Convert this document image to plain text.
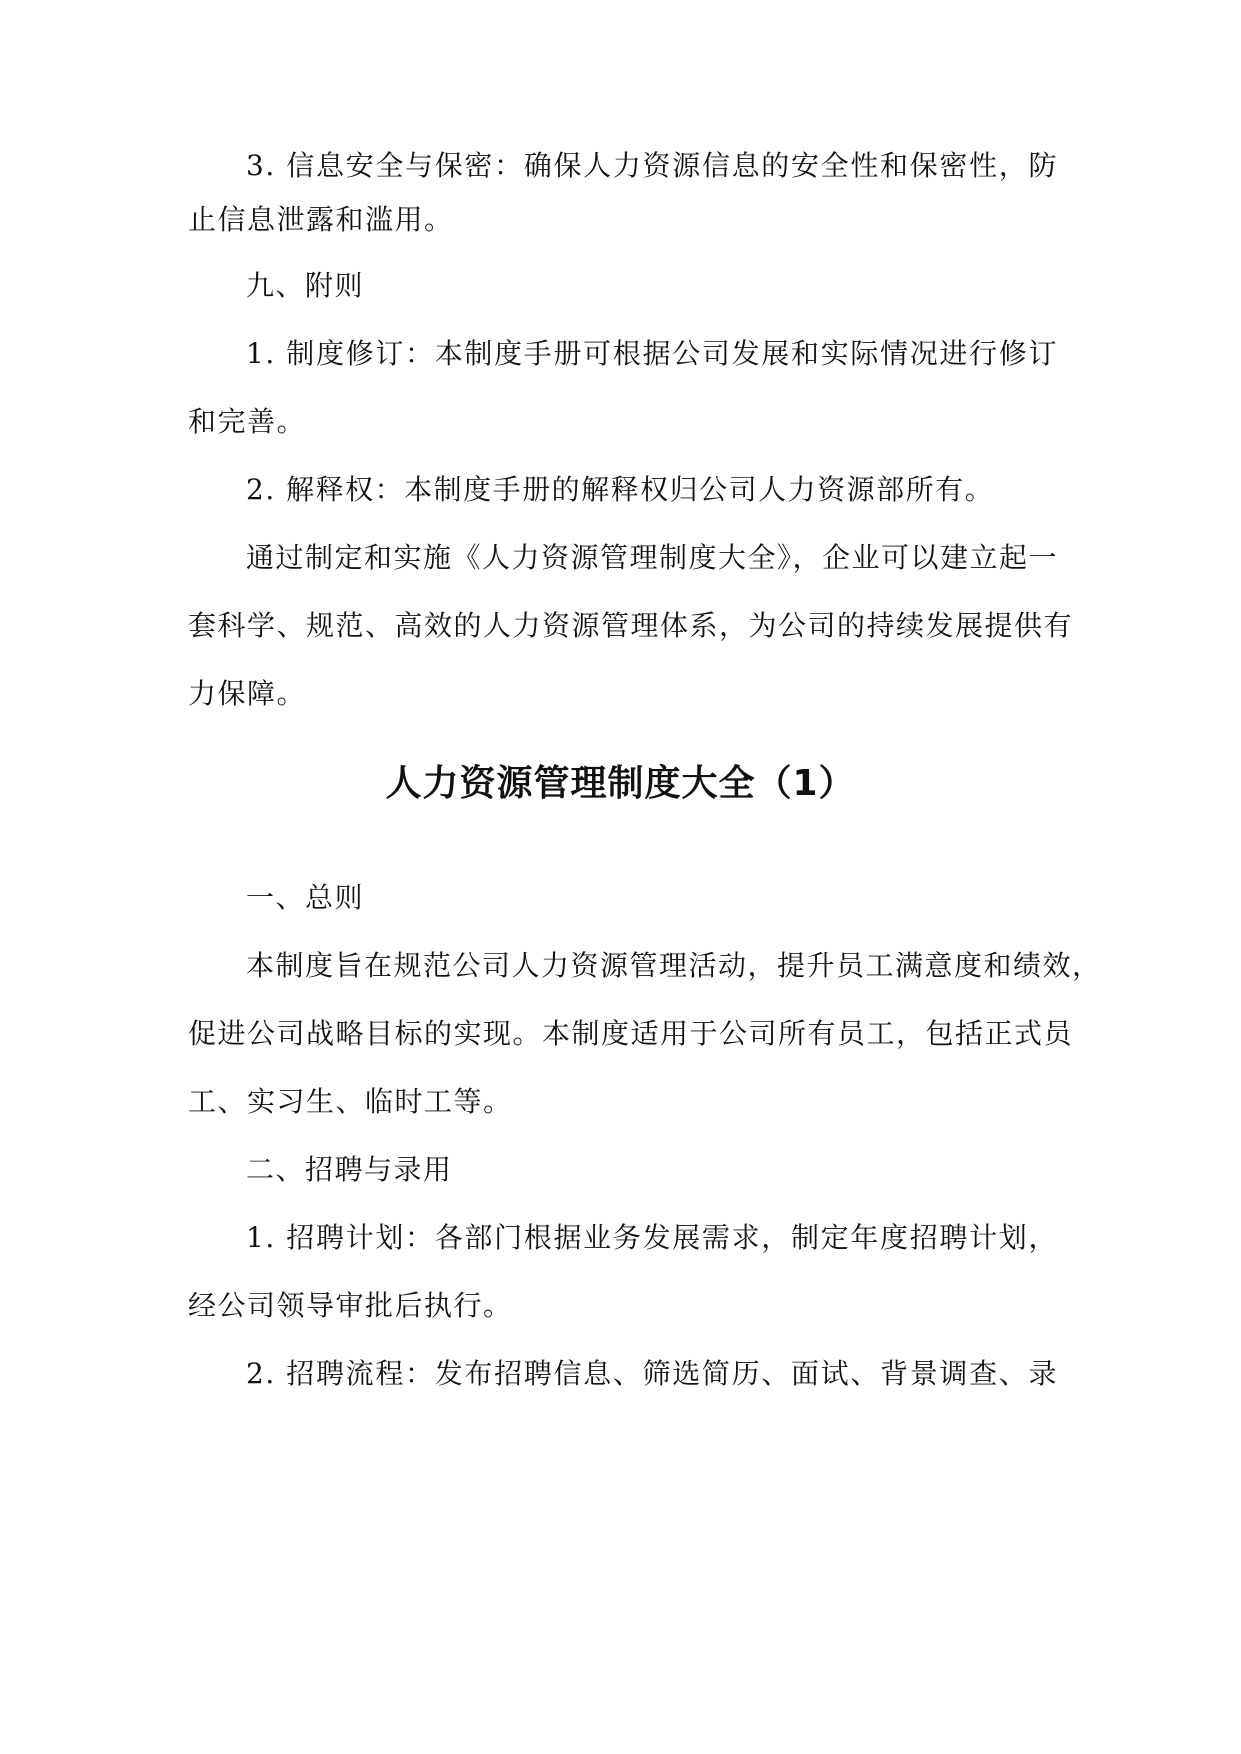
3. 信息安全与保密：确保人力资源信息的安全性和保密性，防
止信息泄露和滥用。
九、附则
1. 制度修订：本制度手册可根据公司发展和实际情况进行修订
和完善。
2. 解释权：本制度手册的解释权归公司人力资源部所有。
通过制定和实施《人力资源管理制度大全》，企业可以建立起一
套科学、规范、高效的人力资源管理体系，为公司的持续发展提供有
力保障。
人力资源管理制度大全（1）
一、总则
本制度旨在规范公司人力资源管理活动，提升员工满意度和绩效，
促进公司战略目标的实现。本制度适用于公司所有员工，包括正式员
工、实习生、临时工等。
二、招聘与录用
1. 招聘计划：各部门根据业务发展需求，制定年度招聘计划，
经公司领导审批后执行。
2. 招聘流程：发布招聘信息、筛选简历、面试、背景调查、录
